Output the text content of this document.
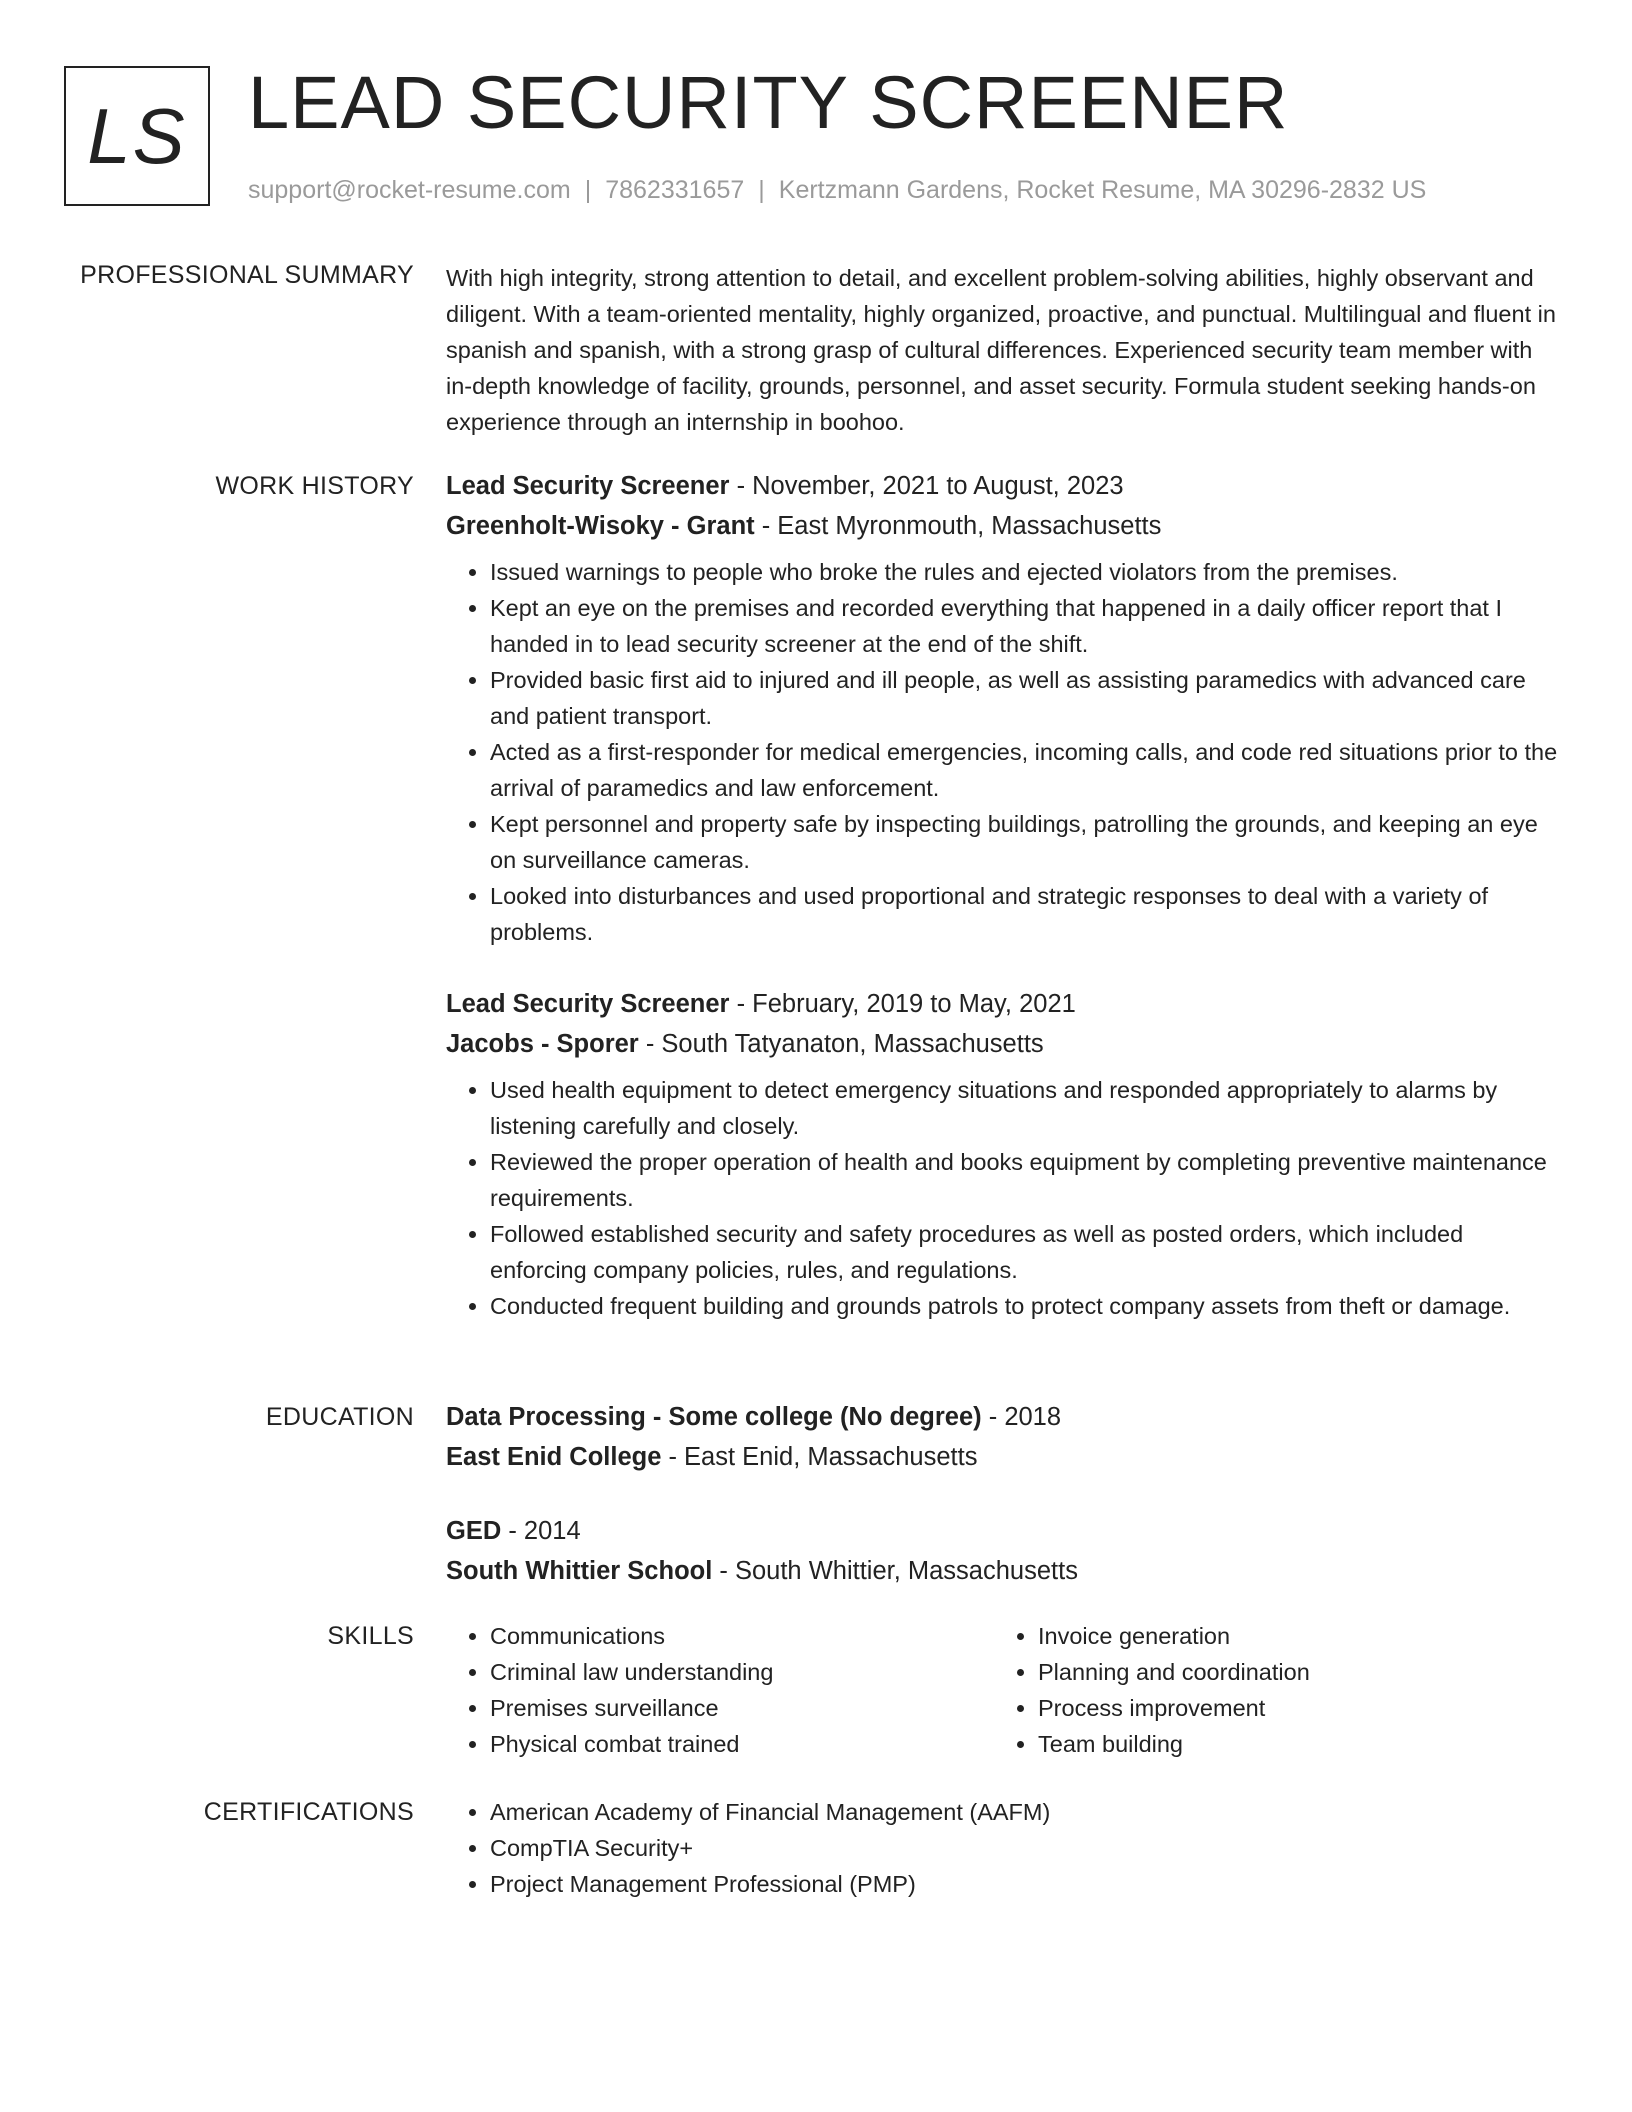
LS LEAD SECURITY SCREENER
support@rocket-resume.com | 7862331657 | Kertzmann Gardens, Rocket Resume, MA 30296-2832 US
PROFESSIONAL SUMMARY With high integrity, strong attention to detail, and excellent problem-solving abilities, highly observant and diligent. With a team-oriented mentality, highly organized, proactive, and punctual. Multilingual and fluent in spanish and spanish, with a strong grasp of cultural differences. Experienced security team member with in-depth knowledge of facility, grounds, personnel, and asset security. Formula student seeking hands-on experience through an internship in boohoo.

WORK HISTORY Lead Security Screener - November, 2021 to August, 2023

Greenholt-Wisoky - Grant - East Myronmouth, Massachusetts

• Issued warnings to people who broke the rules and ejected violators from the premises.
• Kept an eye on the premises and recorded everything that happened in a daily officer report that I handed in to lead security screener at the end of the shift.
• Provided basic first aid to injured and ill people, as well as assisting paramedics with advanced care and patient transport.
• Acted as a first-responder for medical emergencies, incoming calls, and code red situations prior to the arrival of paramedics and law enforcement.
• Kept personnel and property safe by inspecting buildings, patrolling the grounds, and keeping an eye on surveillance cameras.
• Looked into disturbances and used proportional and strategic responses to deal with a variety of problems.

Lead Security Screener - February, 2019 to May, 2021

Jacobs - Sporer - South Tatyanaton, Massachusetts

• Used health equipment to detect emergency situations and responded appropriately to alarms by listening carefully and closely.
• Reviewed the proper operation of health and books equipment by completing preventive maintenance requirements.
• Followed established security and safety procedures as well as posted orders, which included enforcing company policies, rules, and regulations.
• Conducted frequent building and grounds patrols to protect company assets from theft or damage.
EDUCATION Data Processing - Some college (No degree) - 2018

East Enid College - East Enid, Massachusetts

GED - 2014

South Whittier School - South Whittier, Massachusetts

SKILLS	• Communications
• Criminal law understanding
• Premises surveillance
• Physical combat trained
• Invoice generation
• Planning and coordination
• Process improvement
• Team building
CERTIFICATIONS	• American Academy of Financial Management (AAFM)
• CompTIA Security+
• Project Management Professional (PMP)
